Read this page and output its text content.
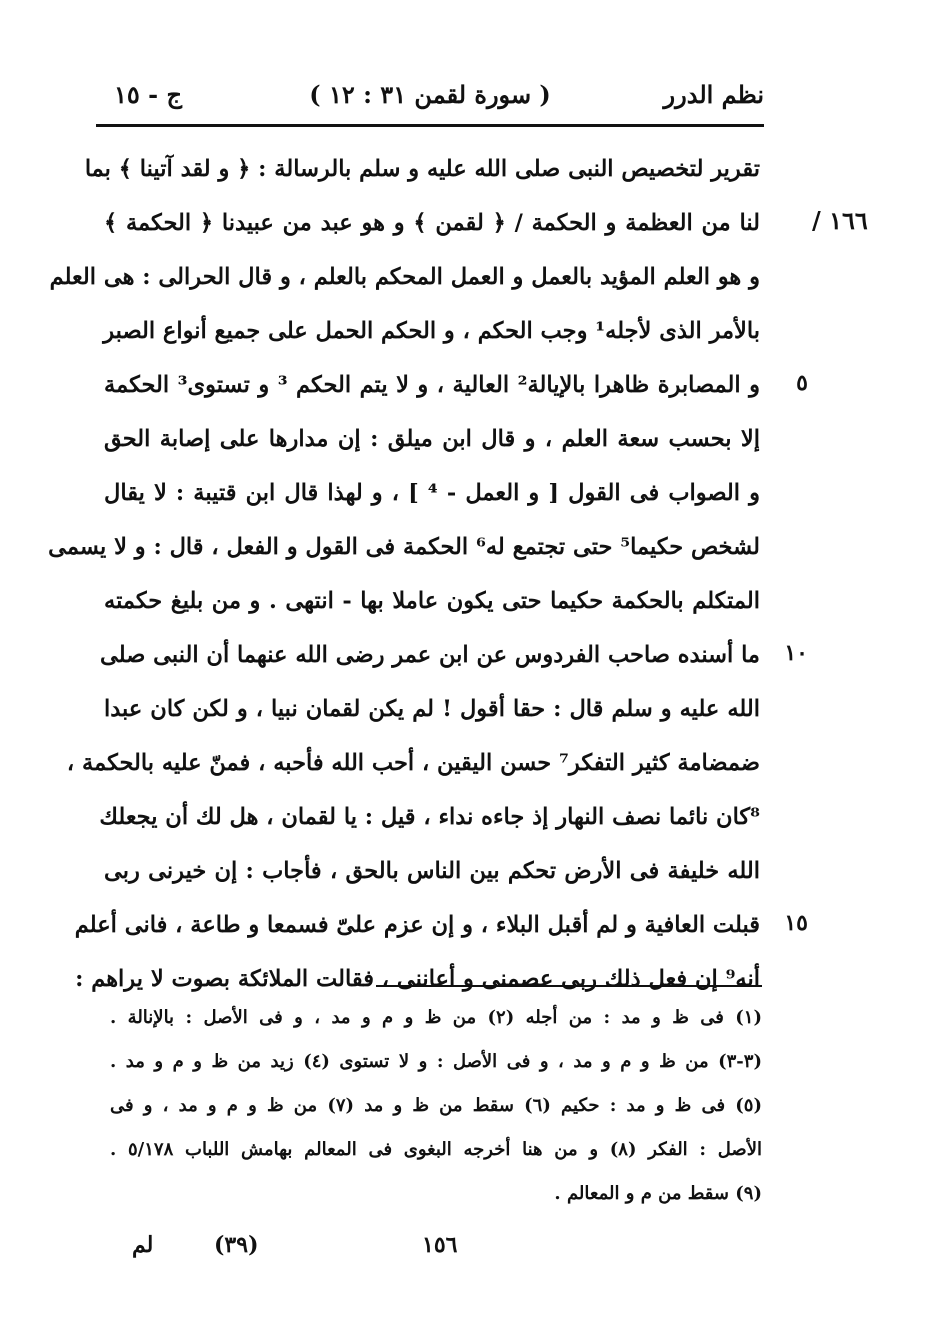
نظم الدرر
( سورة لقمن ٣١ : ١٢ )
ج - ١٥
١٦٦ /
تقرير لتخصيص النبى صلى الله عليه و سلم بالرسالة : ﴿ و لقد آتينا ﴾ بما
لنا من العظمة و الحكمة / ﴿ لقمن ﴾ و هو عبد من عبيدنا ﴿ الحكمة ﴾
و هو العلم المؤيد بالعمل و العمل المحكم بالعلم ، و قال الحرالى : هى العلم
بالأمر الذى لأجله¹ وجب الحكم ، و الحكم الحمل على جميع أنواع الصبر
و المصابرة ظاهرا بالإيالة² العالية ، و لا يتم الحكم ³ و تستوى³ الحكمة
إلا بحسب سعة العلم ، و قال ابن ميلق : إن مدارها على إصابة الحق
و الصواب فى القول [ و العمل - ⁴ ] ، و لهذا قال ابن قتيبة : لا يقال
لشخص حكيما⁵ حتى تجتمع له⁶ الحكمة فى القول و الفعل ، قال : و لا يسمى
المتكلم بالحكمة حكيما حتى يكون عاملا بها - انتهى . و من بليغ حكمته
ما أسنده صاحب الفردوس عن ابن عمر رضى الله عنهما أن النبى صلى
الله عليه و سلم قال : حقا أقول ! لم يكن لقمان نبيا ، و لكن كان عبدا
ضمضامة كثير التفكر⁷ حسن اليقين ، أحب الله فأحبه ، فمنّ عليه بالحكمة ،
⁸كان نائما نصف النهار إذ جاءه نداء ، قيل : يا لقمان ، هل لك أن يجعلك
الله خليفة فى الأرض تحكم بين الناس بالحق ، فأجاب : إن خيرنى ربى
قبلت العافية و لم أقبل البلاء ، و إن عزم علىّ فسمعا و طاعة ، فانى أعلم
أنه⁹ إن فعل ذلك ربى عصمنى و أعاننى ، فقالت الملائكة بصوت لا يراهم :
٥
١٠
١٥
(١) فى ظ و مد : من أجله (٢) من ظ و م و مد ، و فى الأصل : بالإنالة .
(٣-٣) من ظ و م و مد ، و فى الأصل : و لا تستوى (٤) زيد من ظ و م و مد .
(٥) فى ظ و مد : حكيم (٦) سقط من ظ و مد (٧) من ظ و م و مد ، و فى
الأصل : الفكر (٨) و من هنا أخرجه البغوى فى المعالم بهامش اللباب ٥/١٧٨ .
(٩) سقط من م و المعالم .
لم	(٣٩)	١٥٦
